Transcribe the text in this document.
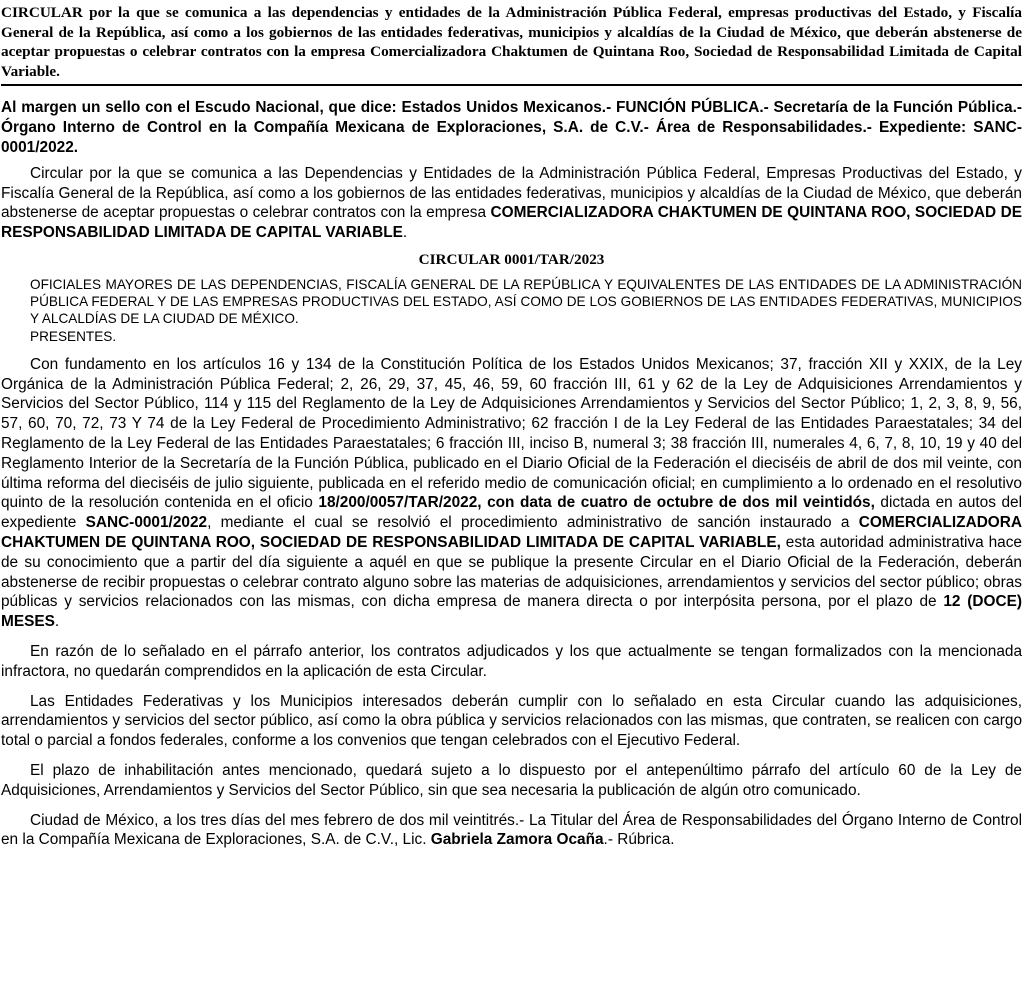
CIRCULAR por la que se comunica a las dependencias y entidades de la Administración Pública Federal, empresas productivas del Estado, y Fiscalía General de la República, así como a los gobiernos de las entidades federativas, municipios y alcaldías de la Ciudad de México, que deberán abstenerse de aceptar propuestas o celebrar contratos con la empresa Comercializadora Chaktumen de Quintana Roo, Sociedad de Responsabilidad Limitada de Capital Variable.

Al margen un sello con el Escudo Nacional, que dice: Estados Unidos Mexicanos.- FUNCIÓN PÚBLICA.- Secretaría de la Función Pública.- Órgano Interno de Control en la Compañía Mexicana de Exploraciones, S.A. de C.V.- Área de Responsabilidades.- Expediente: SANC-0001/2022.

Circular por la que se comunica a las Dependencias y Entidades de la Administración Pública Federal, Empresas Productivas del Estado, y Fiscalía General de la República, así como a los gobiernos de las entidades federativas, municipios y alcaldías de la Ciudad de México, que deberán abstenerse de aceptar propuestas o celebrar contratos con la empresa COMERCIALIZADORA CHAKTUMEN DE QUINTANA ROO, SOCIEDAD DE RESPONSABILIDAD LIMITADA DE CAPITAL VARIABLE.

CIRCULAR 0001/TAR/2023

OFICIALES MAYORES DE LAS DEPENDENCIAS, FISCALÍA GENERAL DE LA REPÚBLICA Y EQUIVALENTES DE LAS ENTIDADES DE LA ADMINISTRACIÓN PÚBLICA FEDERAL Y DE LAS EMPRESAS PRODUCTIVAS DEL ESTADO, ASÍ COMO DE LOS GOBIERNOS DE LAS ENTIDADES FEDERATIVAS, MUNICIPIOS Y ALCALDÍAS DE LA CIUDAD DE MÉXICO.
PRESENTES.

Con fundamento en los artículos 16 y 134 de la Constitución Política de los Estados Unidos Mexicanos; 37, fracción XII y XXIX, de la Ley Orgánica de la Administración Pública Federal; 2, 26, 29, 37, 45, 46, 59, 60 fracción III, 61 y 62 de la Ley de Adquisiciones Arrendamientos y Servicios del Sector Público, 114 y 115 del Reglamento de la Ley de Adquisiciones Arrendamientos y Servicios del Sector Público; 1, 2, 3, 8, 9, 56, 57, 60, 70, 72, 73 Y 74 de la Ley Federal de Procedimiento Administrativo; 62 fracción I de la Ley Federal de las Entidades Paraestatales; 34 del Reglamento de la Ley Federal de las Entidades Paraestatales; 6 fracción III, inciso B, numeral 3; 38 fracción III, numerales 4, 6, 7, 8, 10, 19 y 40 del Reglamento Interior de la Secretaría de la Función Pública, publicado en el Diario Oficial de la Federación el dieciséis de abril de dos mil veinte, con última reforma del dieciséis de julio siguiente, publicada en el referido medio de comunicación oficial; en cumplimiento a lo ordenado en el resolutivo quinto de la resolución contenida en el oficio 18/200/0057/TAR/2022, con data de cuatro de octubre de dos mil veintidós, dictada en autos del expediente SANC-0001/2022, mediante el cual se resolvió el procedimiento administrativo de sanción instaurado a COMERCIALIZADORA CHAKTUMEN DE QUINTANA ROO, SOCIEDAD DE RESPONSABILIDAD LIMITADA DE CAPITAL VARIABLE, esta autoridad administrativa hace de su conocimiento que a partir del día siguiente a aquél en que se publique la presente Circular en el Diario Oficial de la Federación, deberán abstenerse de recibir propuestas o celebrar contrato alguno sobre las materias de adquisiciones, arrendamientos y servicios del sector público; obras públicas y servicios relacionados con las mismas, con dicha empresa de manera directa o por interpósita persona, por el plazo de 12 (DOCE) MESES.

En razón de lo señalado en el párrafo anterior, los contratos adjudicados y los que actualmente se tengan formalizados con la mencionada infractora, no quedarán comprendidos en la aplicación de esta Circular.

Las Entidades Federativas y los Municipios interesados deberán cumplir con lo señalado en esta Circular cuando las adquisiciones, arrendamientos y servicios del sector público, así como la obra pública y servicios relacionados con las mismas, que contraten, se realicen con cargo total o parcial a fondos federales, conforme a los convenios que tengan celebrados con el Ejecutivo Federal.

El plazo de inhabilitación antes mencionado, quedará sujeto a lo dispuesto por el antepenúltimo párrafo del artículo 60 de la Ley de Adquisiciones, Arrendamientos y Servicios del Sector Público, sin que sea necesaria la publicación de algún otro comunicado.

Ciudad de México, a los tres días del mes febrero de dos mil veintitrés.- La Titular del Área de Responsabilidades del Órgano Interno de Control en la Compañía Mexicana de Exploraciones, S.A. de C.V., Lic. Gabriela Zamora Ocaña.- Rúbrica.
